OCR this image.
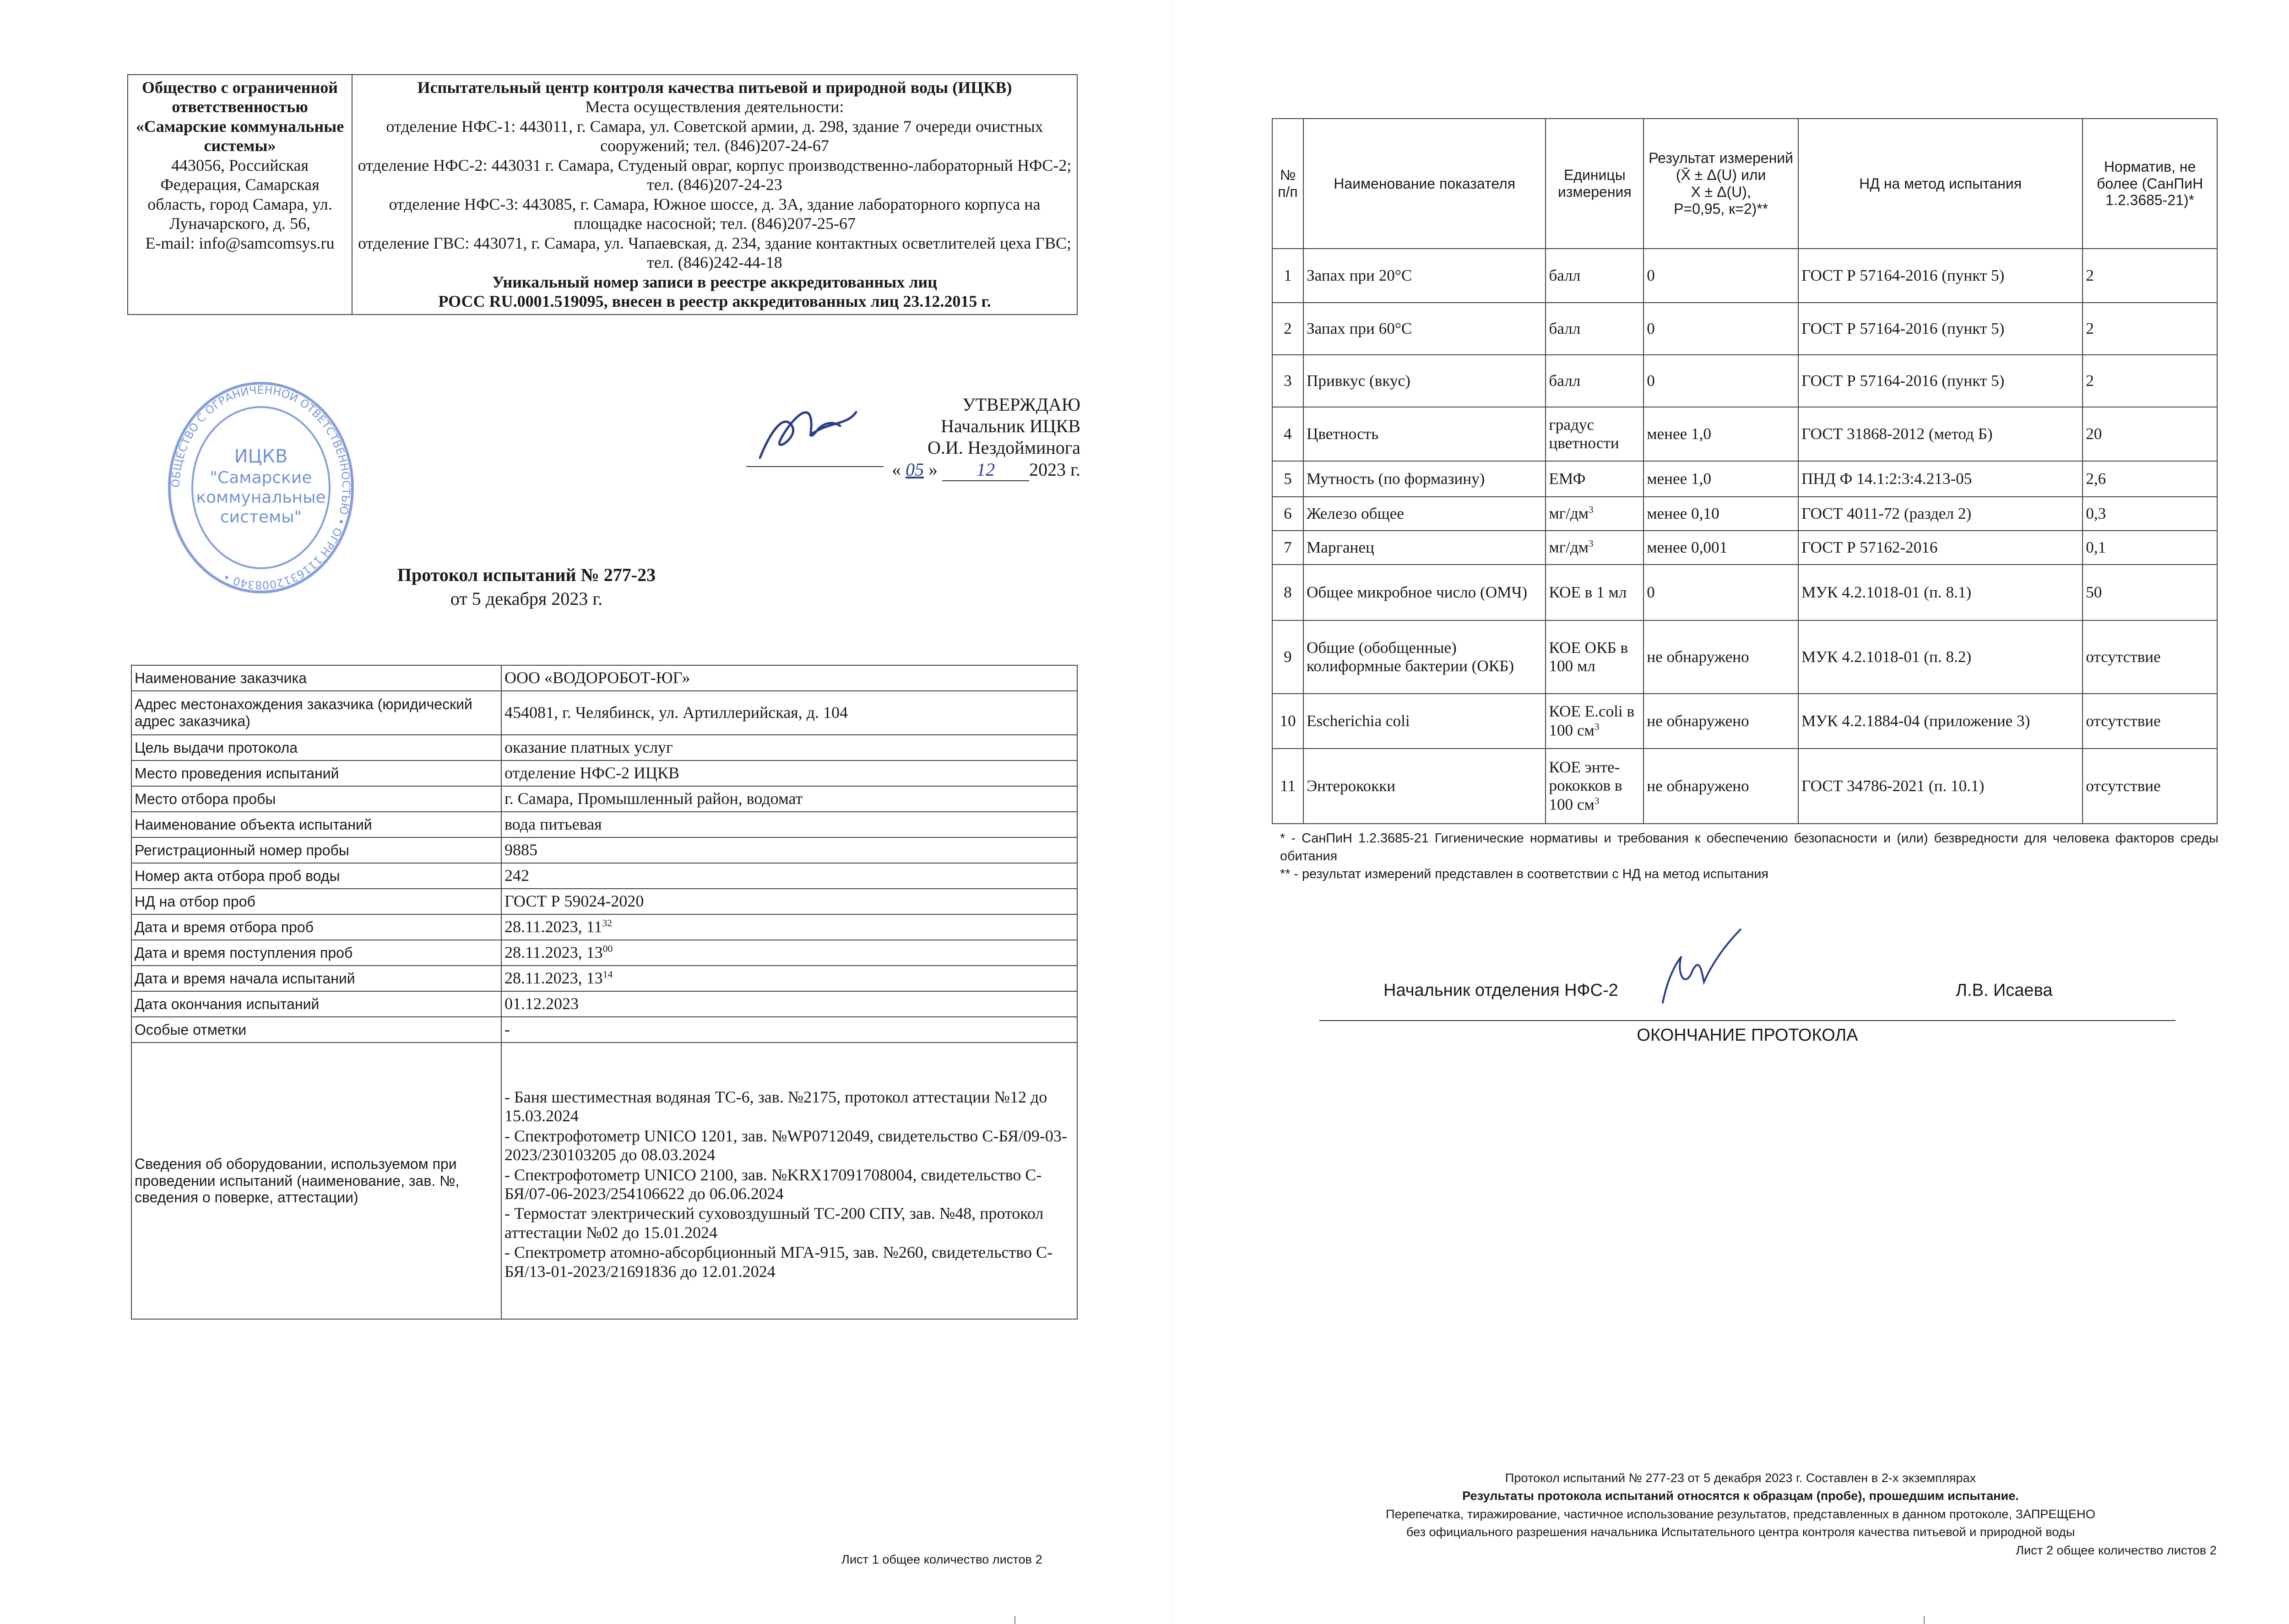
Общество с ограниченной ответственностью «Самарские коммунальные системы»
443056, Российская Федерация, Самарская область, город Самара, ул. Луначарского, д. 56,
E-mail: info@samcomsys.ru	Испытательный центр контроля качества питьевой и природной воды (ИЦКВ)
Места осуществления деятельности:
отделение НФС-1: 443011, г. Самара, ул. Советской армии, д. 298, здание 7 очереди очистных сооружений; тел. (846)207-24-67
отделение НФС-2: 443031 г. Самара, Студеный овраг, корпус производственно-лабораторный НФС-2; тел. (846)207-24-23
отделение НФС-3: 443085, г. Самара, Южное шоссе, д. 3А, здание лабораторного корпуса на площадке насосной; тел. (846)207-25-67
отделение ГВС: 443071, г. Самара, ул. Чапаевская, д. 234, здание контактных осветлителей цеха ГВС; тел. (846)242-44-18
Уникальный номер записи в реестре аккредитованных лиц
РОСС RU.0001.519095, внесен в реестр аккредитованных лиц 23.12.2015 г.
ОБЩЕСТВО С ОГРАНИЧЕННОЙ ОТВЕТСТВЕННОСТЬЮ • ОГРН 1116312008340 •
ИЦКВ
"Самарские
коммунальные
системы"
УТВЕРЖДАЮ
Начальник ИЦКВ
О.И. Нездойминога
« 05 » 12 2023 г.
Протокол испытаний № 277-23
от 5 декабря 2023 г.
Наименование заказчика	ООО «ВОДОРОБОТ-ЮГ»
Адрес местонахождения заказчика (юридический адрес заказчика)	454081, г. Челябинск, ул. Артиллерийская, д. 104
Цель выдачи протокола	оказание платных услуг
Место проведения испытаний	отделение НФС-2 ИЦКВ
Место отбора пробы	г. Самара, Промышленный район, водомат
Наименование объекта испытаний	вода питьевая
Регистрационный номер пробы	9885
Номер акта отбора проб воды	242
НД на отбор проб	ГОСТ Р 59024-2020
Дата и время отбора проб	28.11.2023, $11^{32}$
Дата и время поступления проб	28.11.2023, $13^{00}$
Дата и время начала испытаний	28.11.2023, $13^{14}$
Дата окончания испытаний	01.12.2023
Особые отметки	-
Сведения об оборудовании, используемом при проведении испытаний (наименование, зав. №, сведения о поверке, аттестации)	- Баня шестиместная водяная ТС-6, зав. №2175, протокол аттестации №12 до 15.03.2024
- Спектрофотометр UNICO 1201, зав. №WP0712049, свидетельство С-БЯ/09-03-2023/230103205 до 08.03.2024
- Спектрофотометр UNICO 2100, зав. №KRX17091708004, свидетельство С-БЯ/07-06-2023/254106622 до 06.06.2024
- Термостат электрический суховоздушный ТС-200 СПУ, зав. №48, протокол аттестации №02 до 15.01.2024
- Спектрометр атомно-абсорбционный МГА-915, зав. №260, свидетельство С-БЯ/13-01-2023/21691836 до 12.01.2024
Лист 1 общее количество листов 2
№ п/п	Наименование показателя	Единицы измерения	Результат измерений
(X̄ ± Δ(U) или
X ± Δ(U),
P=0,95, к=2)**	НД на метод испытания	Норматив, не более (СанПиН 1.2.3685-21)*
1	Запах при 20°С	балл	0	ГОСТ Р 57164-2016 (пункт 5)	2
2	Запах при 60°С	балл	0	ГОСТ Р 57164-2016 (пункт 5)	2
3	Привкус (вкус)	балл	0	ГОСТ Р 57164-2016 (пункт 5)	2
4	Цветность	градус цветности	менее 1,0	ГОСТ 31868-2012 (метод Б)	20
5	Мутность (по формазину)	ЕМФ	менее 1,0	ПНД Ф 14.1:2:3:4.213-05	2,6
6	Железо общее	$мг/дм^3$	менее 0,10	ГОСТ 4011-72 (раздел 2)	0,3
7	Марганец	$мг/дм^3$	менее 0,001	ГОСТ Р 57162-2016	0,1
8	Общее микробное число (ОМЧ)	КОЕ в 1 мл	0	МУК 4.2.1018-01 (п. 8.1)	50
9	Общие (обобщенные) колиформные бактерии (ОКБ)	КОЕ ОКБ в 100 мл	не обнаружено	МУК 4.2.1018-01 (п. 8.2)	отсутствие
10	Escherichia coli	КОЕ E.coli в 100 $см^3$	не обнаружено	МУК 4.2.1884-04 (приложение 3)	отсутствие
11	Энтерококки	КОЕ энте-рококков в 100 $см^3$	не обнаружено	ГОСТ 34786-2021 (п. 10.1)	отсутствие
* - СанПиН 1.2.3685-21 Гигиенические нормативы и требования к обеспечению безопасности и (или) безвредности для человека факторов среды обитания
** - результат измерений представлен в соответствии с НД на метод испытания
Начальник отделения НФС-2	Л.В. Исаева
ОКОНЧАНИЕ ПРОТОКОЛА
Протокол испытаний № 277-23 от 5 декабря 2023 г. Составлен в 2-х экземплярах
Результаты протокола испытаний относятся к образцам (пробе), прошедшим испытание.
Перепечатка, тиражирование, частичное использование результатов, представленных в данном протоколе, ЗАПРЕЩЕНО
без официального разрешения начальника Испытательного центра контроля качества питьевой и природной воды
Лист 2 общее количество листов 2
